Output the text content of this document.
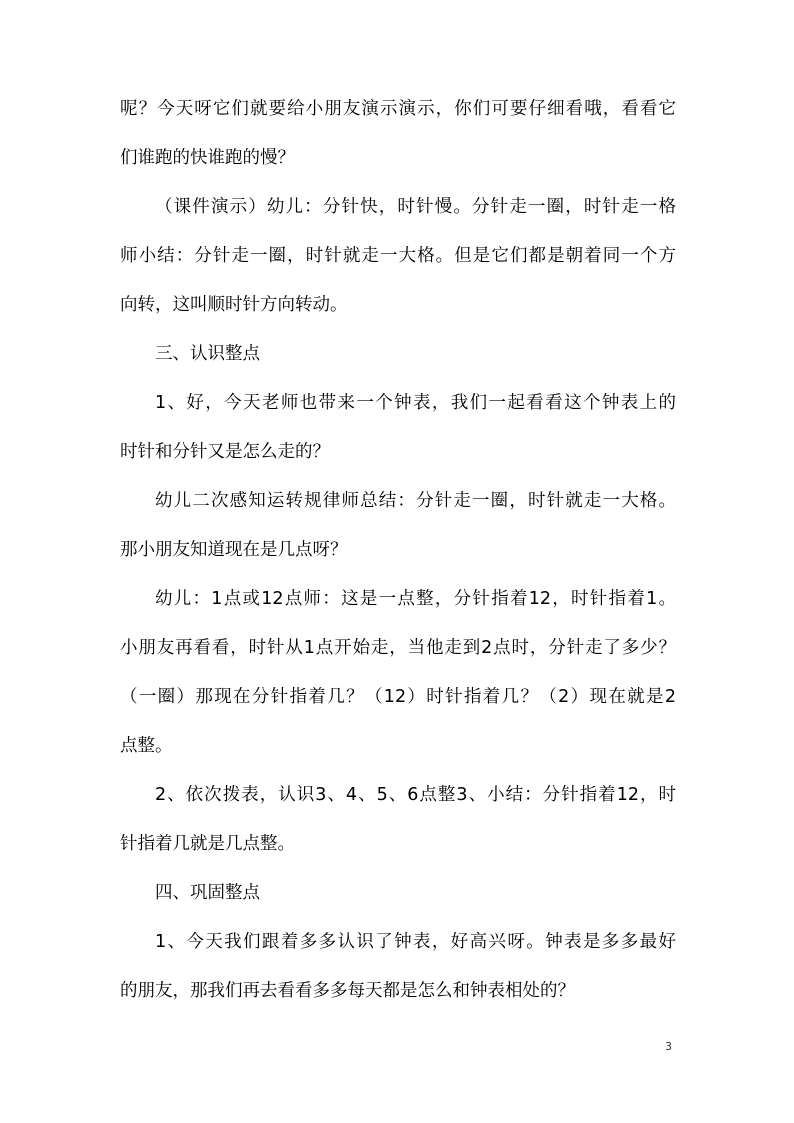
呢？今天呀它们就要给小朋友演示演示，你们可要仔细看哦，看看它
们谁跑的快谁跑的慢？
（课件演示）幼儿：分针快，时针慢。分针走一圈，时针走一格
师小结：分针走一圈，时针就走一大格。但是它们都是朝着同一个方
向转，这叫顺时针方向转动。
三、认识整点
1、好，今天老师也带来一个钟表，我们一起看看这个钟表上的
时针和分针又是怎么走的？
幼儿二次感知运转规律师总结：分针走一圈，时针就走一大格。
那小朋友知道现在是几点呀？
幼儿：1点或12点师：这是一点整，分针指着12，时针指着1。
小朋友再看看，时针从1点开始走，当他走到2点时，分针走了多少？
（一圈）那现在分针指着几？（12）时针指着几？（2）现在就是2
点整。
2、依次拨表，认识3、4、5、6点整3、小结：分针指着12，时
针指着几就是几点整。
四、巩固整点
1、今天我们跟着多多认识了钟表，好高兴呀。钟表是多多最好
的朋友，那我们再去看看多多每天都是怎么和钟表相处的？
3
